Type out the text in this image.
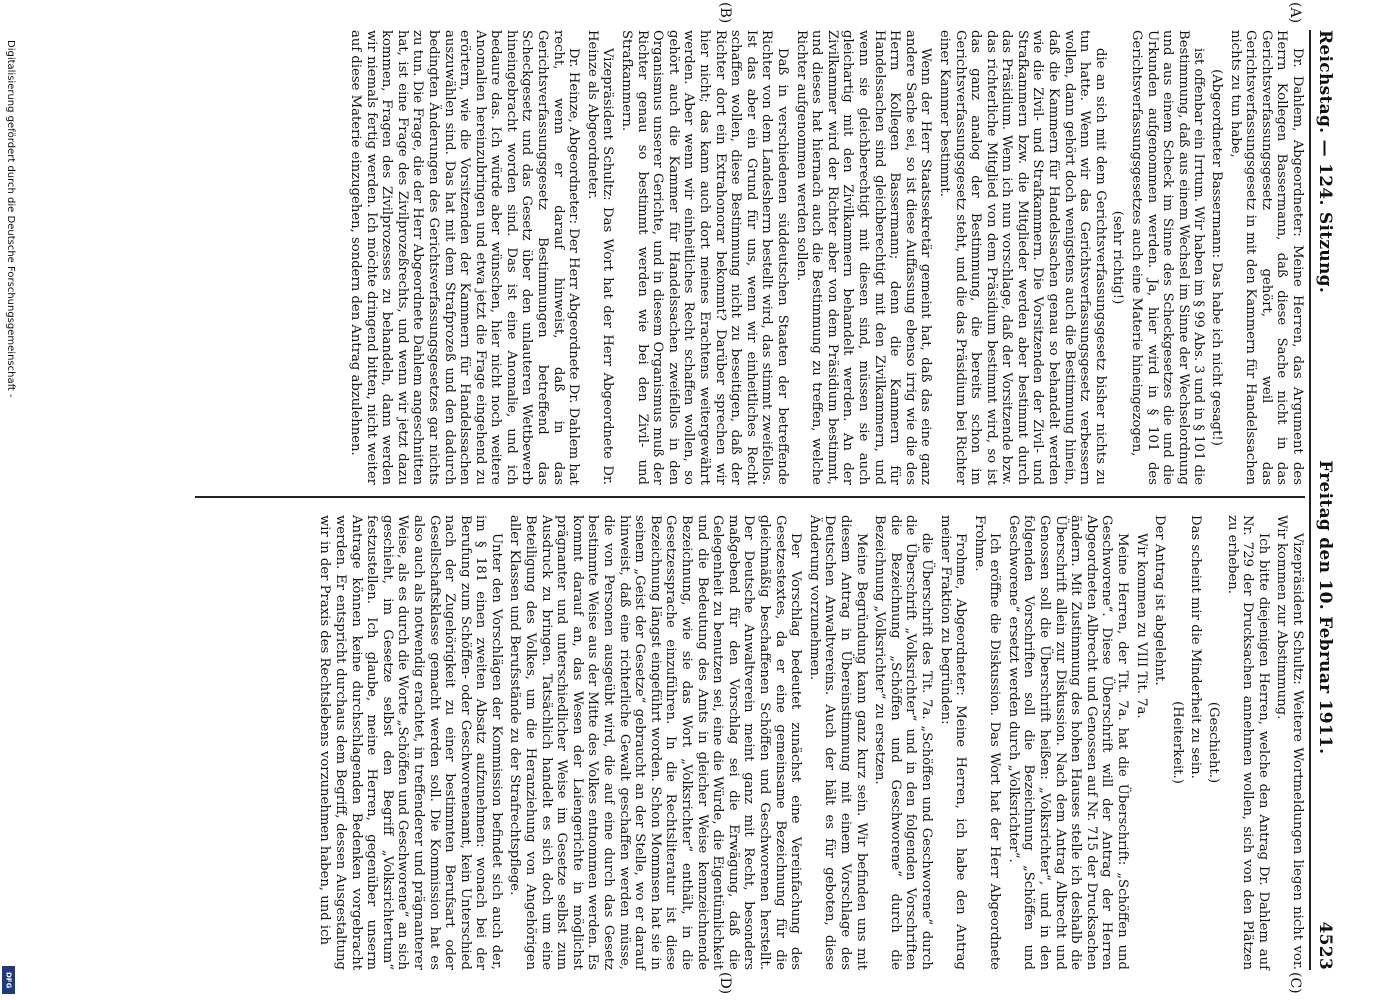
Reichstag. — 124. Sitzung.
Freitag den 10. Februar 1911.
4523
(A)
(B)
(C)
(D)

Dr. Dahlem, Abgeordneter: Meine Herren, das Argument des Herrn Kollegen Bassermann, daß diese Sache nicht in das Gerichtsverfassungsgesetz gehört, weil das Gerichtsverfassungsgesetz in mit den Kammern für Handelssachen nichts zu tun habe,

(Abgeordneter Bassermann: Das habe ich nicht gesagt!)

ist offenbar ein Irrtum. Wir haben im § 99 Abs. 3 und in § 101 die Bestimmung, daß aus einem Wechsel im Sinne der Wechselordnung und aus einem Scheck im Sinne des Scheckgesetzes die und die Urkunden aufgenommen werden. Ja, hier wird in § 101 des Gerichtsverfassungsgesetzes auch eine Materie hineingezogen,

(sehr richtig!)

die an sich mit dem Gerichtsverfassungsgesetz bisher nichts zu tun hatte. Wenn wir das Gerichtsverfassungsgesetz verbessern wollen, dann gehört doch wenigstens auch die Bestimmung hinein, daß die Kammern für Handelssachen genau so behandelt werden wie die Zivil- und Strafkammern. Die Vorsitzenden der Zivil- und Strafkammern bzw. die Mitglieder werden aber bestimmt durch das Präsidium. Wenn ich nun vorschlage, daß der Vorsitzende bzw. das richterliche Mitglied von dem Präsidium bestimmt wird, so ist das ganz analog der Bestimmung, die bereits schon im Gerichtsverfassungsgesetz steht, und die das Präsidium bei Richter einer Kammer bestimmt.

Wenn der Herr Staatssekretär gemeint hat, daß das eine ganz andere Sache sei, so ist diese Auffassung ebenso irrig wie die des Herrn Kollegen Bassermann; denn die Kammern für Handelssachen sind gleichberechtigt mit den Zivilkammern, und wenn sie gleichberechtigt mit diesen sind, müssen sie auch gleichartig mit den Zivilkammern behandelt werden. An der Zivilkammer wird der Richter aber von dem Präsidium bestimmt, und dieses hat hiernach auch die Bestimmung zu treffen, welche Richter aufgenommen werden sollen.

Daß in verschiedenen süddeutschen Staaten der betreffende Richter von dem Landesherrn bestellt wird, das stimmt zweifellos. Ist das aber ein Grund für uns, wenn wir einheitliches Recht schaffen wollen, diese Bestimmung nicht zu beseitigen, daß der Richter dort ein Extrahonorar bekommt? Darüber sprechen wir hier nicht; das kann auch dort meines Erachtens weitergewährt werden. Aber wenn wir einheitliches Recht schaffen wollen, so gehört auch die Kammer für Handelssachen zweifellos in den Organismus unserer Gerichte, und in diesem Organismus muß der Richter genau so bestimmt werden wie bei den Zivil- und Strafkammern.

Vizepräsident Schultz: Das Wort hat der Herr Abgeordnete Dr. Heinze als Abgeordneter.

Dr. Heinze, Abgeordneter: Der Herr Abgeordnete Dr. Dahlem hat recht, wenn er darauf hinweist, daß in das Gerichtsverfassungsgesetz Bestimmungen betreffend das Scheckgesetz und das Gesetz über den unlauteren Wettbewerb hineingebracht worden sind. Das ist eine Anomalie, und ich bedaure das. Ich würde aber wünschen, hier nicht noch weitere Anomalien hereinzubringen und etwa jetzt die Frage eingehend zu erörtern, wie die Vorsitzenden der Kammern für Handelssachen auszuwählen sind. Das hat mit dem Strafprozeß und den dadurch bedingten Änderungen des Gerichtsverfassungsgesetzes gar nichts zu tun. Die Frage, die der Herr Abgeordnete Dahlem angeschnitten hat, ist eine Frage des Zivilprozeßrechts, und wenn wir jetzt dazu kommen, Fragen des Zivilprozesses zu behandeln, dann werden wir niemals fertig werden. Ich möchte dringend bitten, nicht weiter auf diese Materie einzugehen, sondern den Antrag abzulehnen.

Vizepräsident Schultz: Weitere Wortmeldungen liegen nicht vor. Wir kommen zur Abstimmung.

Ich bitte diejenigen Herren, welche den Antrag Dr. Dahlem auf Nr. 729 der Drucksachen annehmen wollen, sich von den Plätzen zu erheben.

(Geschieht.)

Das scheint mir die Minderheit zu sein.

(Heiterkeit.)

Der Antrag ist abgelehnt.

Wir kommen zu VIII Tit. 7a.

Meine Herren, der Tit. 7a. hat die Überschrift: „Schöffen und Geschworene“. Diese Überschrift will der Antrag der Herren Abgeordneten Albrecht und Genossen auf Nr. 715 der Drucksachen ändern. Mit Zustimmung des hohen Hauses stelle ich deshalb die Überschrift allein zur Diskussion. Nach dem Antrag Albrecht und Genossen soll die Überschrift heißen: „Volksrichter“, und in den folgenden Vorschriften soll die Bezeichnung „Schöffen und Geschworene“ ersetzt werden durch „Volksrichter“.

Ich eröffne die Diskussion. Das Wort hat der Herr Abgeordnete Frohme.

Frohme, Abgeordneter: Meine Herren, ich habe den Antrag meiner Fraktion zu begründen:

die Überschrift des Tit. 7a. „Schöffen und Geschworene“ durch die Überschrift „Volksrichter“ und in den folgenden Vorschriften die Bezeichnung „Schöffen und Geschworene“ durch die Bezeichnung „Volksrichter“ zu ersetzen.

Meine Begründung kann ganz kurz sein. Wir befinden uns mit diesem Antrag in Übereinstimmung mit einem Vorschlage des Deutschen Anwaltvereins. Auch der hält es für geboten, diese Änderung vorzunehmen.

Der Vorschlag bedeutet zunächst eine Vereinfachung des Gesetzestextes, da er eine gemeinsame Bezeichnung für die gleichmäßig beschaffenen Schöffen und Geschworenen herstellt. Der Deutsche Anwaltverein meint ganz mit Recht, besonders maßgebend für den Vorschlag sei die Erwägung, daß die Gelegenheit zu benutzen sei, eine die Würde, die Eigentümlichkeit und die Bedeutung des Amts in gleicher Weise kennzeichnende Bezeichnung, wie sie das Wort „Volksrichter“ enthält, in die Gesetzessprache einzuführen. In die Rechtsliteratur ist diese Bezeichnung längst eingeführt worden. Schon Mommsen hat sie in seinem „Geist der Gesetze“ gebraucht an der Stelle, wo er darauf hinweist, daß eine richterliche Gewalt geschaffen werden müsse, die von Personen ausgeübt wird, die auf eine durch das Gesetz bestimmte Weise aus der Mitte des Volkes entnommen werden. Es kommt darauf an, das Wesen der Laiengerichte in möglichst prägnanter und unterschiedlicher Weise im Gesetze selbst zum Ausdruck zu bringen. Tatsächlich handelt es sich doch um eine Beteiligung des Volkes, um die Heranziehung von Angehörigen aller Klassen und Berufsstände zu der Strafrechtspflege.

Unter den Vorschlägen der Kommission befindet sich auch der, im § 181 einen zweiten Absatz aufzunehmen: wonach bei der Berufung zum Schöffen- oder Geschworenenamt, kein Unterschied nach der Zugehörigkeit zu einer bestimmten Berufsart oder Gesellschaftsklasse gemacht werden soll. Die Kommission hat es also auch als notwendig erachtet, in treffenderer und prägnanterer Weise, als es durch die Worte „Schöffen und Geschworene“ an sich geschieht, im Gesetze selbst den Begriff „Volksrichtertum“ festzustellen. Ich glaube, meine Herren, gegenüber unserm Antrage können keine durchschlagenden Bedenken vorgebracht werden. Er entspricht durchaus dem Begriff, dessen Ausgestaltung wir in der Praxis des Rechtslebens vorzunehmen haben, und ich

Digitalisierung gefördert durch die Deutsche Forschungsgemeinschaft -
DFG
